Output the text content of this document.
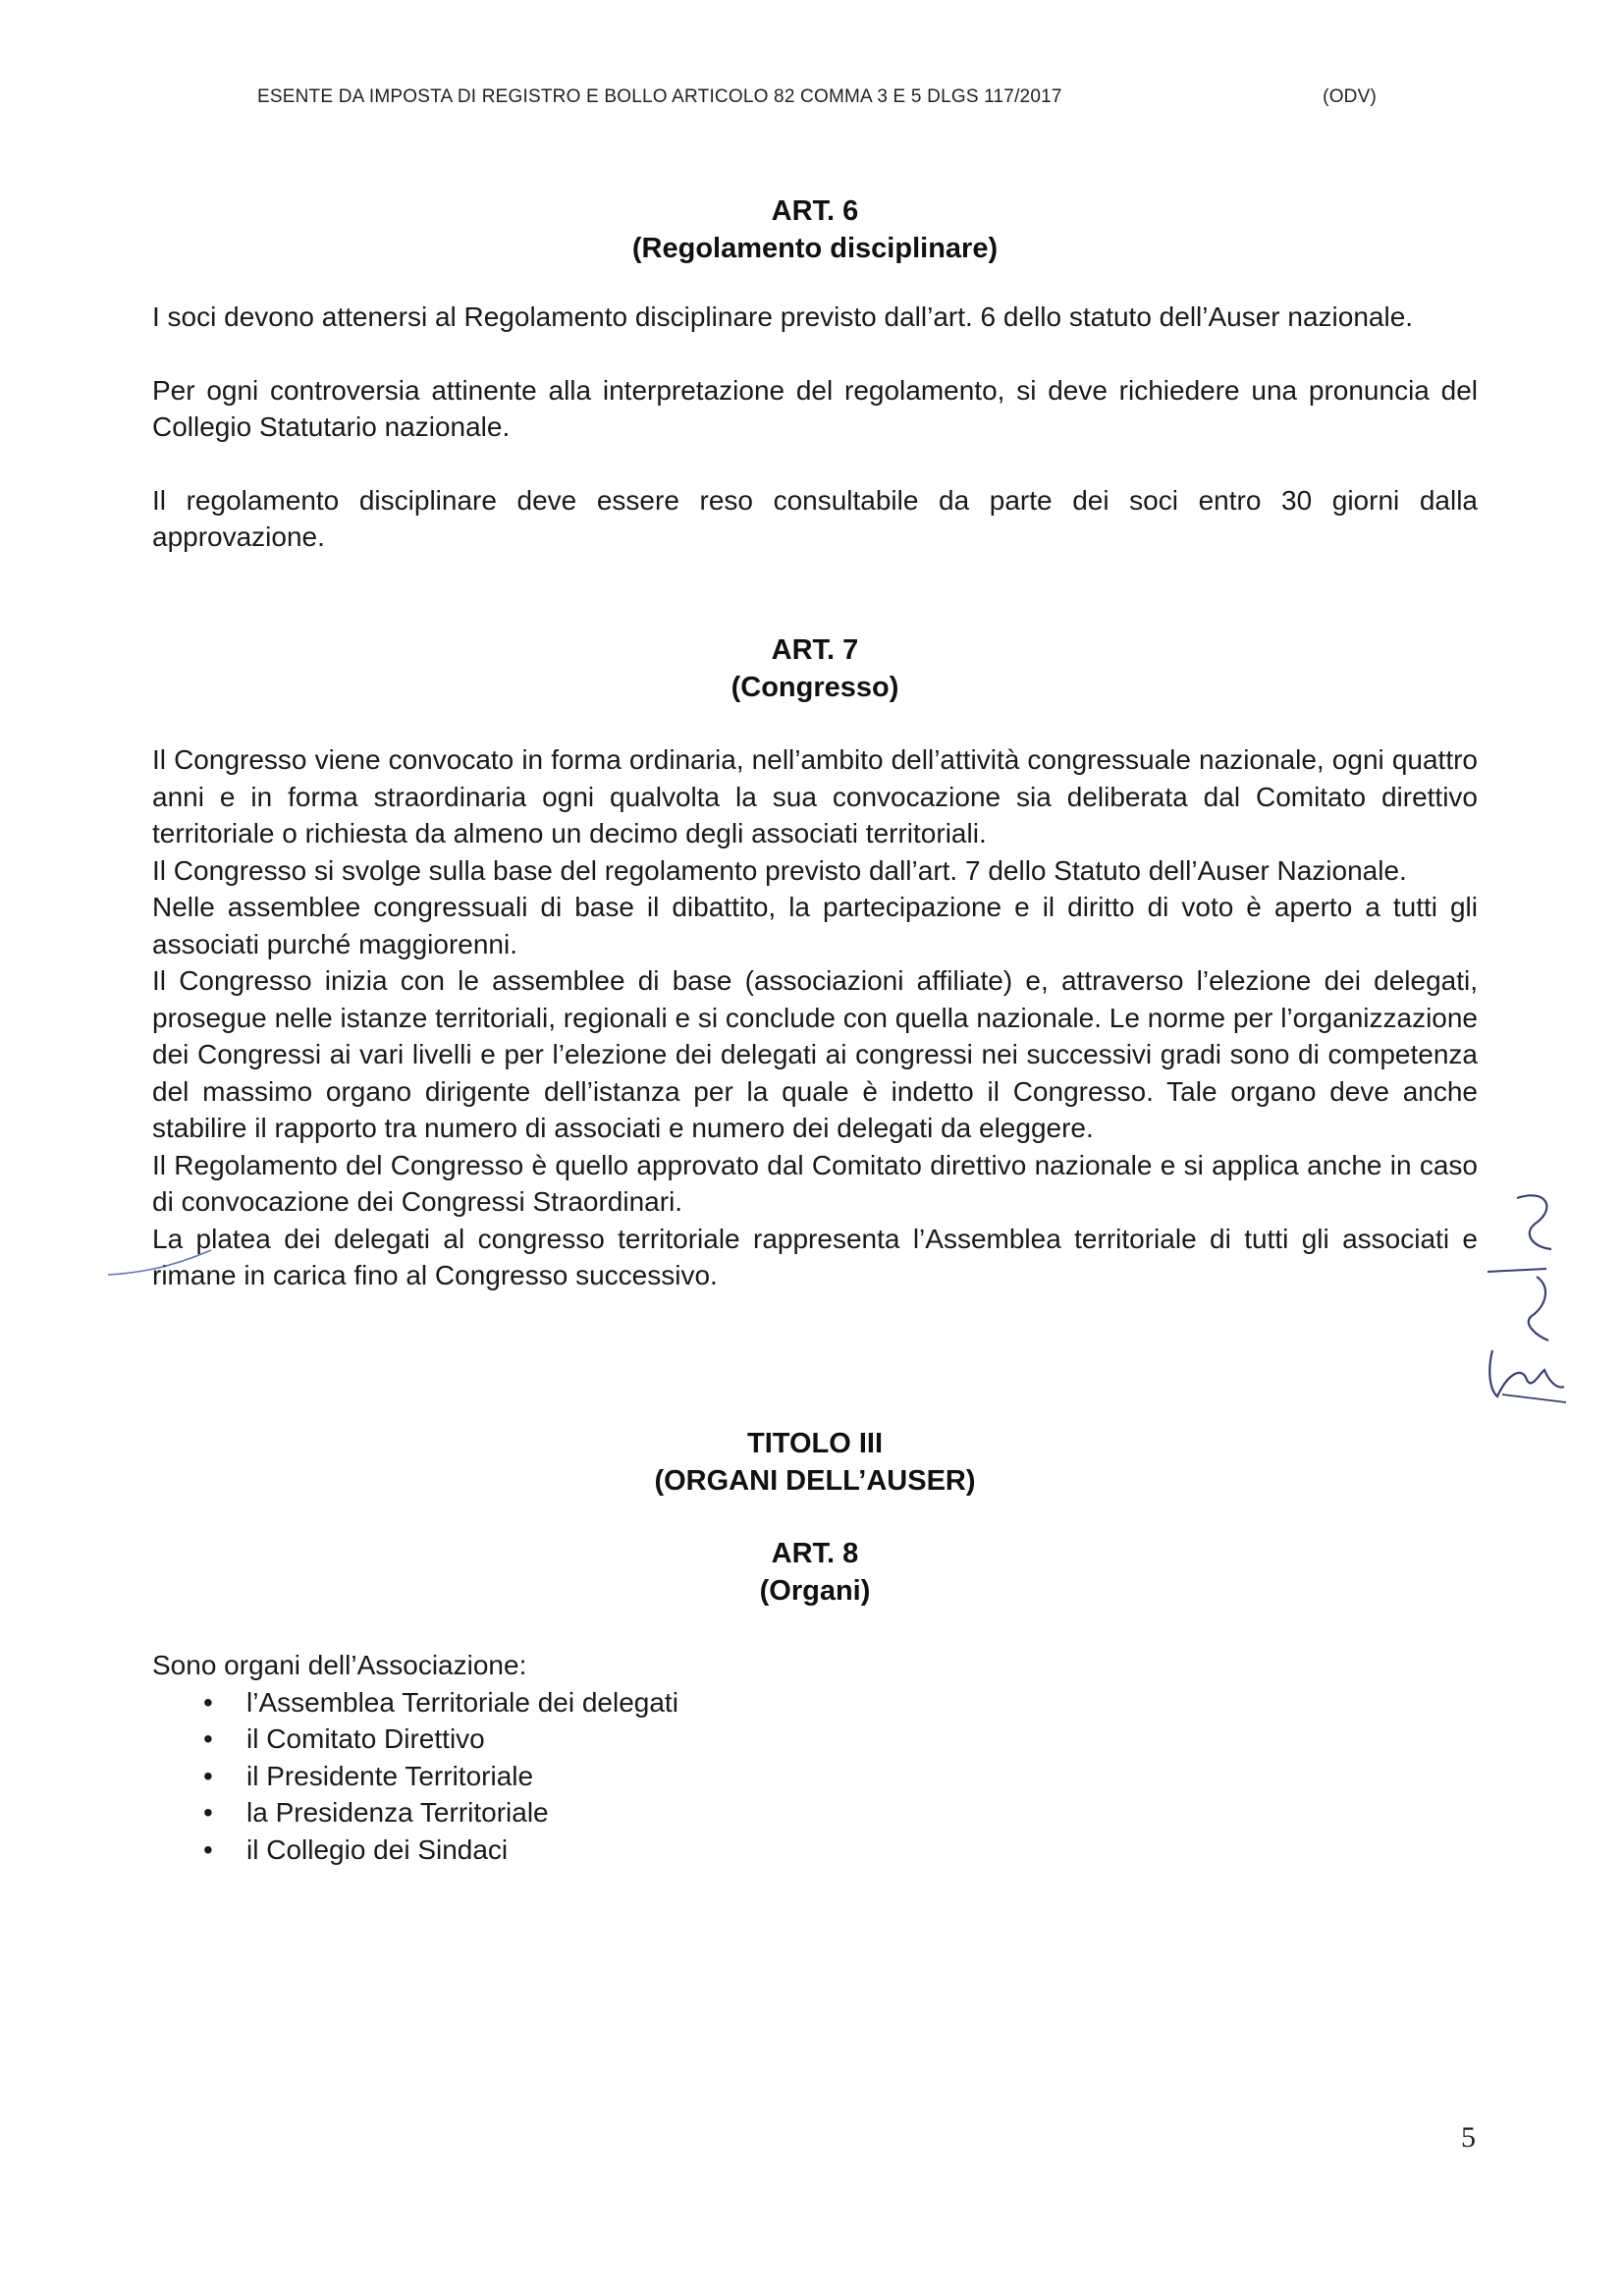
ESENTE DA IMPOSTA DI REGISTRO E BOLLO ARTICOLO 82 COMMA 3 E 5 DLGS 117/2017	(ODV)
ART. 6
(Regolamento disciplinare)

I soci devono attenersi al Regolamento disciplinare previsto dall’art. 6 dello statuto dell’Auser nazionale.

Per ogni controversia attinente alla interpretazione del regolamento, si deve richiedere una pronuncia del Collegio Statutario nazionale.

Il regolamento disciplinare deve essere reso consultabile da parte dei soci entro 30 giorni dalla approvazione.

ART. 7
(Congresso)

Il Congresso viene convocato in forma ordinaria, nell’ambito dell’attività congressuale nazionale, ogni quattro anni e in forma straordinaria ogni qualvolta la sua convocazione sia deliberata dal Comitato direttivo territoriale o richiesta da almeno un decimo degli associati territoriali.

Il Congresso si svolge sulla base del regolamento previsto dall’art. 7 dello Statuto dell’Auser Nazionale.

Nelle assemblee congressuali di base il dibattito, la partecipazione e il diritto di voto è aperto a tutti gli associati purché maggiorenni.

Il Congresso inizia con le assemblee di base (associazioni affiliate) e, attraverso l’elezione dei delegati, prosegue nelle istanze territoriali, regionali e si conclude con quella nazionale. Le norme per l’organizzazione dei Congressi ai vari livelli e per l’elezione dei delegati ai congressi nei successivi gradi sono di competenza del massimo organo dirigente dell’istanza per la quale è indetto il Congresso. Tale organo deve anche stabilire il rapporto tra numero di associati e numero dei delegati da eleggere.

Il Regolamento del Congresso è quello approvato dal Comitato direttivo nazionale e si applica anche in caso di convocazione dei Congressi Straordinari.

La platea dei delegati al congresso territoriale rappresenta l’Assemblea territoriale di tutti gli associati e rimane in carica fino al Congresso successivo.

TITOLO III
(ORGANI DELL’AUSER)
ART. 8
(Organi)

Sono organi dell’Associazione:

• l’Assemblea Territoriale dei delegati
• il Comitato Direttivo
• il Presidente Territoriale
• la Presidenza Territoriale
• il Collegio dei Sindaci
5
